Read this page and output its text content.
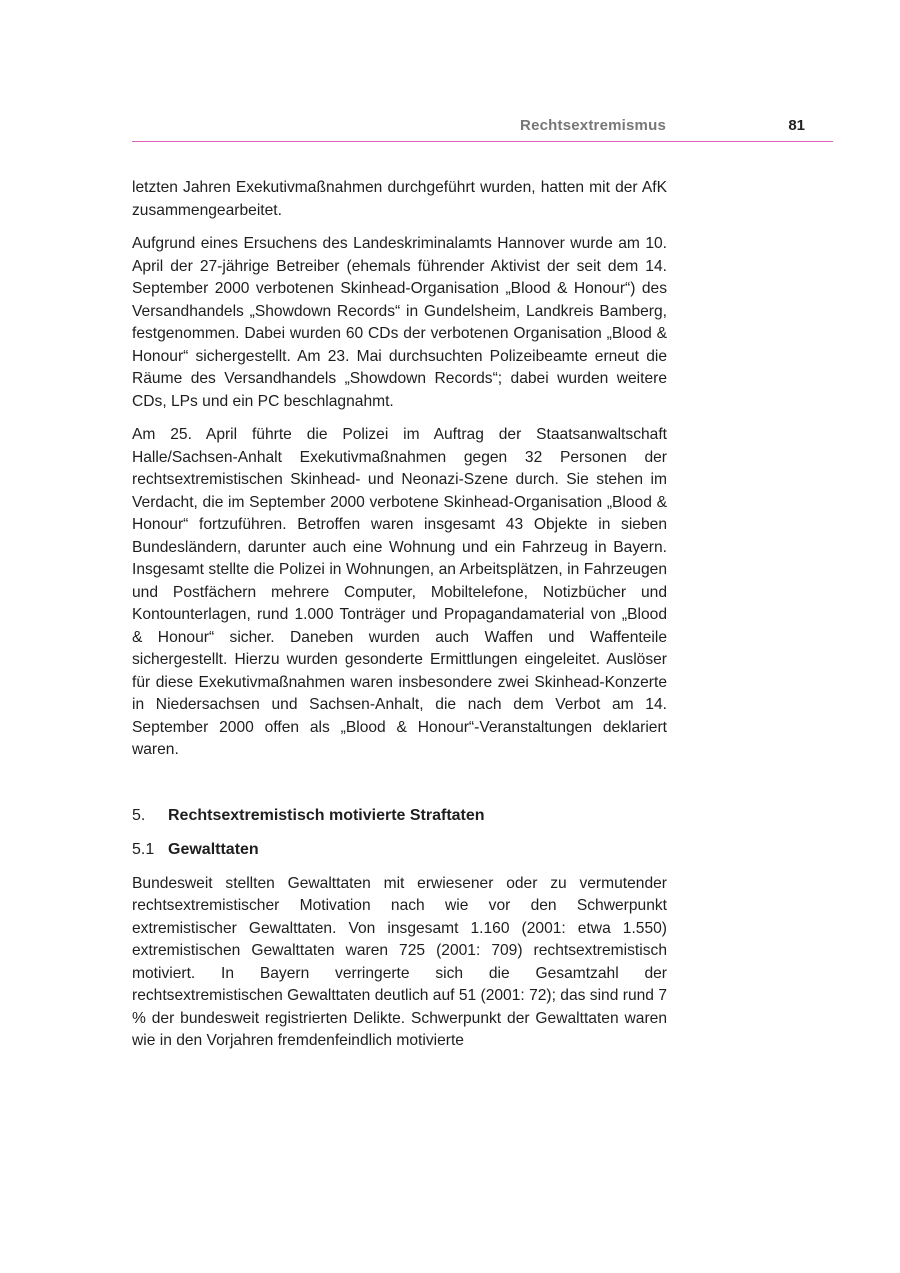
Rechtsextremismus	81

letzten Jahren Exekutivmaßnahmen durchgeführt wurden, hatten mit der AfK zusammengearbeitet.

Aufgrund eines Ersuchens des Landeskriminalamts Hannover wurde am 10. April der 27-jährige Betreiber (ehemals führender Aktivist der seit dem 14. September 2000 verbotenen Skinhead-Organisation „Blood & Honour“) des Versandhandels „Showdown Records“ in Gundelsheim, Landkreis Bamberg, festgenommen. Dabei wurden 60 CDs der verbotenen Organisation „Blood & Honour“ sichergestellt. Am 23. Mai durchsuchten Polizeibeamte erneut die Räume des Versandhandels „Showdown Records“; dabei wurden weitere CDs, LPs und ein PC beschlagnahmt.

Am 25. April führte die Polizei im Auftrag der Staatsanwaltschaft Halle/Sachsen-Anhalt Exekutivmaßnahmen gegen 32 Personen der rechtsextremistischen Skinhead- und Neonazi-Szene durch. Sie stehen im Verdacht, die im September 2000 verbotene Skinhead-Organisation „Blood & Honour“ fortzuführen. Betroffen waren insgesamt 43 Objekte in sieben Bundesländern, darunter auch eine Wohnung und ein Fahrzeug in Bayern. Insgesamt stellte die Polizei in Wohnungen, an Arbeitsplätzen, in Fahrzeugen und Postfächern mehrere Computer, Mobiltelefone, Notizbücher und Kontounterlagen, rund 1.000 Tonträger und Propagandamaterial von „Blood & Honour“ sicher. Daneben wurden auch Waffen und Waffenteile sichergestellt. Hierzu wurden gesonderte Ermittlungen eingeleitet. Auslöser für diese Exekutivmaßnahmen waren insbesondere zwei Skinhead-Konzerte in Niedersachsen und Sachsen-Anhalt, die nach dem Verbot am 14. September 2000 offen als „Blood & Honour“-Veranstaltungen deklariert waren.

5.	Rechtsextremistisch motivierte Straftaten
5.1 Gewalttaten

Bundesweit stellten Gewalttaten mit erwiesener oder zu vermutender rechtsextremistischer Motivation nach wie vor den Schwerpunkt extremistischer Gewalttaten. Von insgesamt 1.160 (2001: etwa 1.550) extremistischen Gewalttaten waren 725 (2001: 709) rechtsextremistisch motiviert. In Bayern verringerte sich die Gesamtzahl der rechtsextremistischen Gewalttaten deutlich auf 51 (2001: 72); das sind rund 7 % der bundesweit registrierten Delikte. Schwerpunkt der Gewalttaten waren wie in den Vorjahren fremdenfeindlich motivierte
